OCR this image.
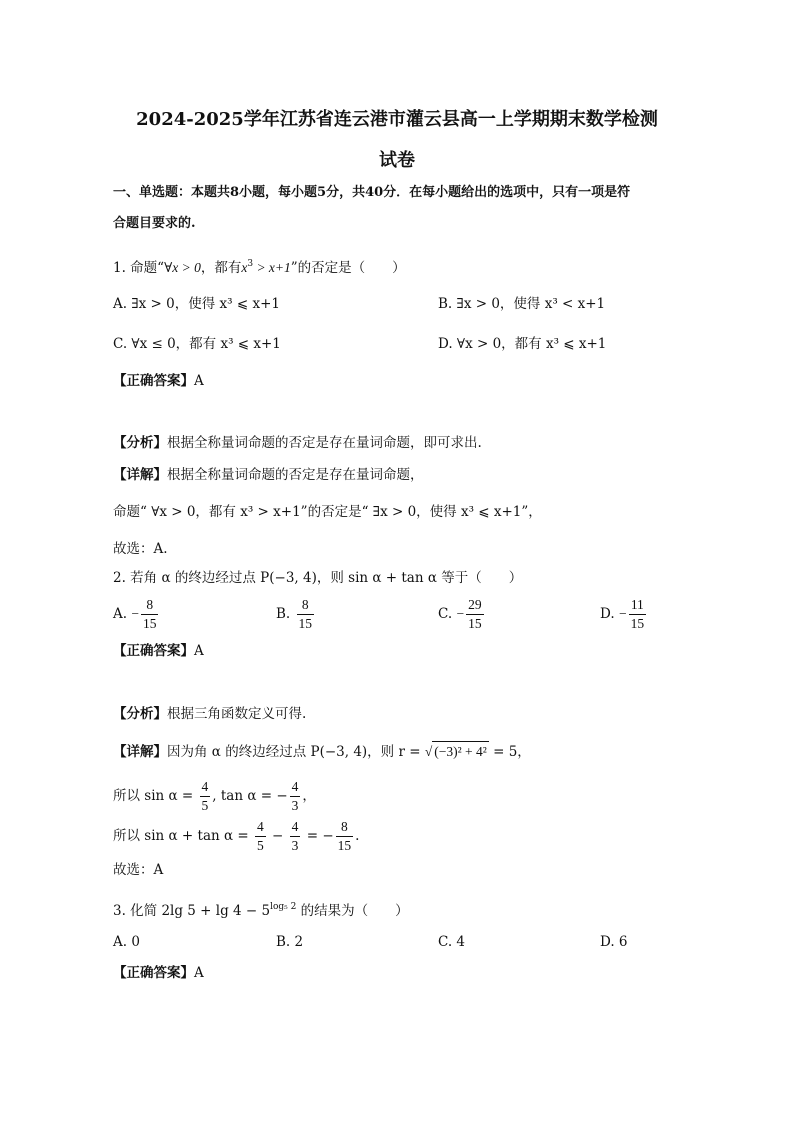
2024-2025学年江苏省连云港市灌云县高一上学期期末数学检测
试卷
一、单选题：本题共8小题，每小题5分，共40分．在每小题给出的选项中，只有一项是符
合题目要求的.
1. 命题“∀x > 0，都有$x^3 > x+1$”的否定是（　　）
A. ∃x > 0，使得 x³ ⩽ x+1	B. ∃x > 0，使得 x³ < x+1
C. ∀x ≤ 0，都有 x³ ⩽ x+1	D. ∀x > 0，都有 x³ ⩽ x+1
【正确答案】A
【分析】根据全称量词命题的否定是存在量词命题，即可求出.
【详解】根据全称量词命题的否定是存在量词命题，
命题“ ∀x > 0，都有 x³ > x+1”的否定是“ ∃x > 0，使得 x³ ⩽ x+1”，
故选：A.
2. 若角 α 的终边经过点 P(−3, 4)，则 sin α + tan α 等于（　　）
A. − $\frac{8}{15}$	B. $\frac{8}{15}$	C. − $\frac{29}{15}$	D. − $\frac{11}{15}$
【正确答案】A
【分析】根据三角函数定义可得.
【详解】因为角 α 的终边经过点 P(−3, 4)，则 r = √ (−3)² + 4² = 5，
所以 $\sin \alpha = \frac{4}{5}$ , tan α = − $\frac{4}{3}$ ，
所以 $\sin \alpha + \tan \alpha = \frac{4}{5} - \frac{4}{3}$ = − $\frac{8}{15}$ .
故选：A
3. 化简 2lg $5 + \lg 4 - 5^{log_5 2}$ 的结果为（　　）
A. 0	B. 2	C. 4	D. 6
【正确答案】A
